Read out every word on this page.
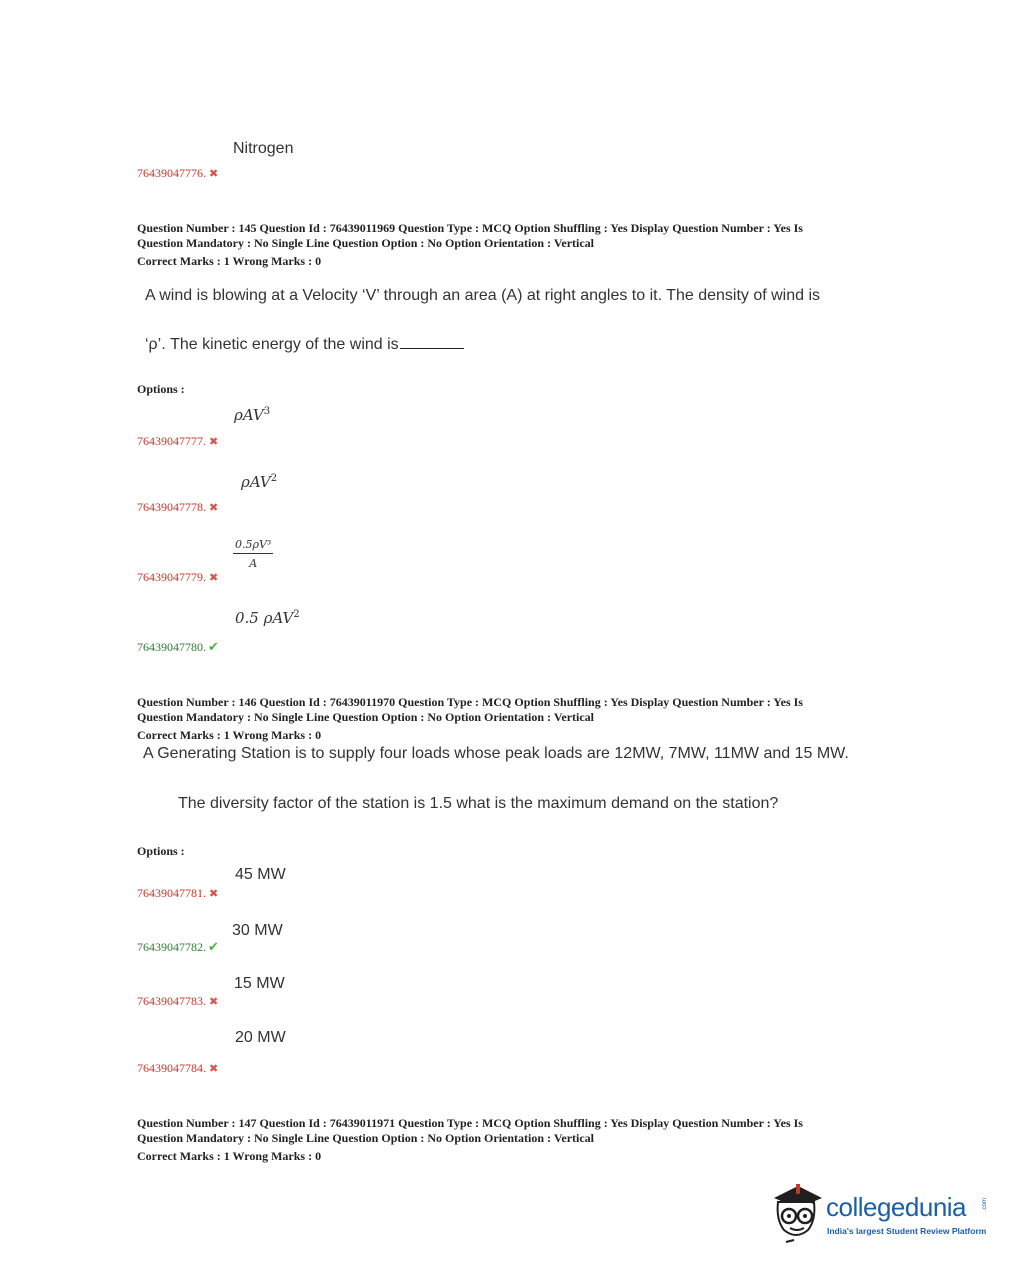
Nitrogen
76439047776. ✖
Question Number : 145 Question Id : 76439011969 Question Type : MCQ Option Shuffling : Yes Display Question Number : Yes Is
Question Mandatory : No Single Line Question Option : No Option Orientation : Vertical
Correct Marks : 1 Wrong Marks : 0
A wind is blowing at a Velocity ‘V’ through an area (A) at right angles to it. The density of wind is
‘ρ’. The kinetic energy of the wind is
Options :
ρAV$^3$
76439047777. ✖
ρAV$^2$
76439047778. ✖
$\frac{\text{0.5ρV³}}{A}$
76439047779. ✖
0.5 ρAV$^2$
76439047780. ✔
Question Number : 146 Question Id : 76439011970 Question Type : MCQ Option Shuffling : Yes Display Question Number : Yes Is
Question Mandatory : No Single Line Question Option : No Option Orientation : Vertical
Correct Marks : 1 Wrong Marks : 0
A Generating Station is to supply four loads whose peak loads are 12MW, 7MW, 11MW and 15 MW.
The diversity factor of the station is 1.5 what is the maximum demand on the station?
Options :
45 MW
76439047781. ✖
30 MW
76439047782. ✔
15 MW
76439047783. ✖
20 MW
76439047784. ✖
Question Number : 147 Question Id : 76439011971 Question Type : MCQ Option Shuffling : Yes Display Question Number : Yes Is
Question Mandatory : No Single Line Question Option : No Option Orientation : Vertical
Correct Marks : 1 Wrong Marks : 0
collegedunia	.com
India's largest Student Review Platform
